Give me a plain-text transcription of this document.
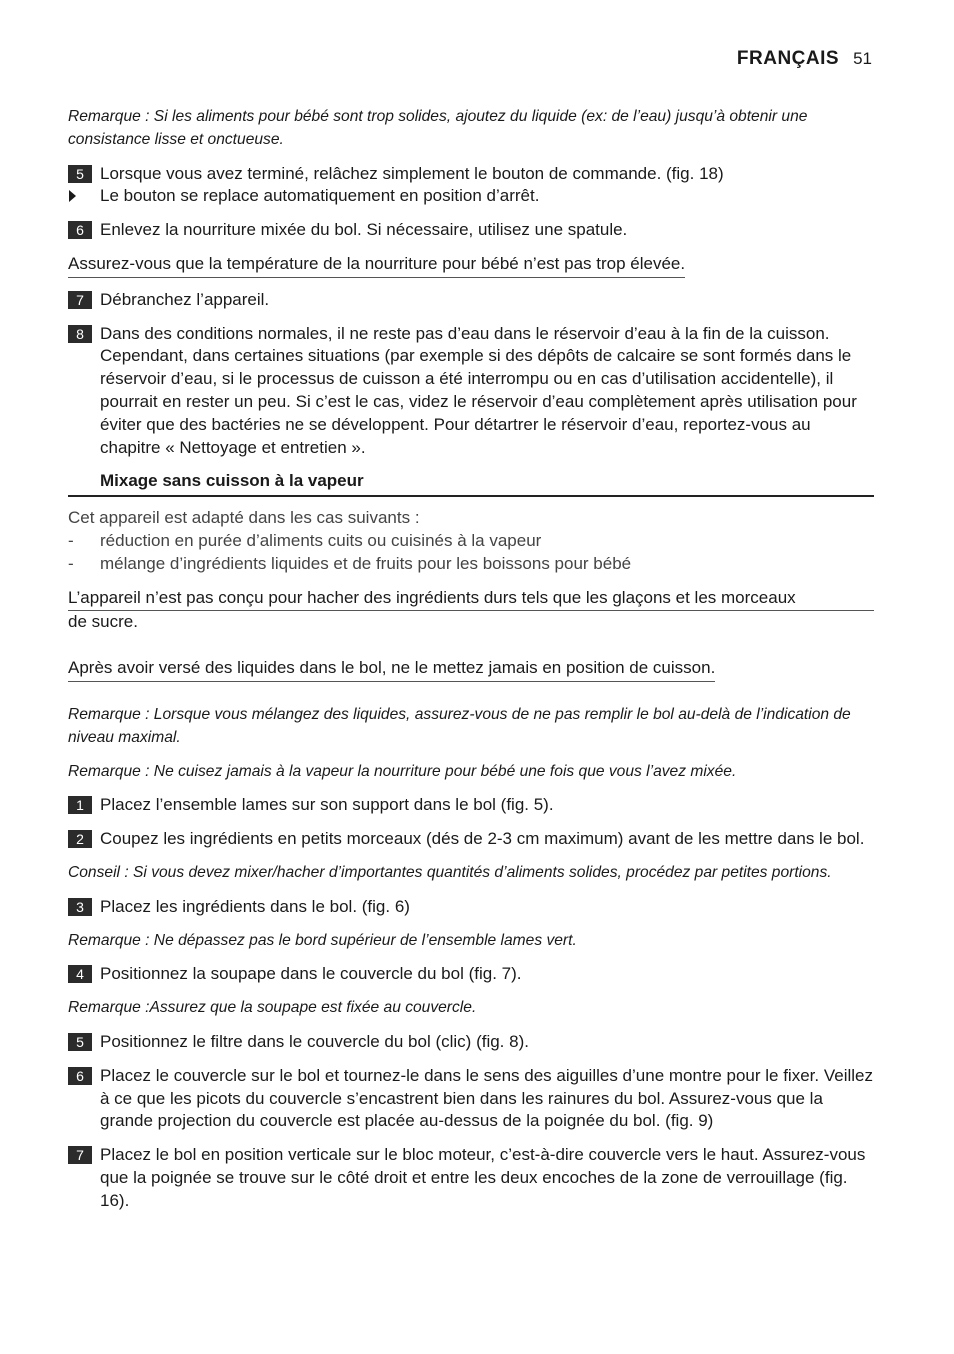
FRANÇAIS 51
Remarque : Si les aliments pour bébé sont trop solides, ajoutez du liquide (ex: de l’eau) jusqu’à obtenir une consistance lisse et onctueuse.
5 Lorsque vous avez terminé, relâchez simplement le bouton de commande. (fig. 18)
Le bouton se replace automatiquement en position d’arrêt.
6 Enlevez la nourriture mixée du bol. Si nécessaire, utilisez une spatule.
Assurez-vous que la température de la nourriture pour bébé n’est pas trop élevée.
7 Débranchez l’appareil.
8 Dans des conditions normales, il ne reste pas d’eau dans le réservoir d’eau à la fin de la cuisson. Cependant, dans certaines situations (par exemple si des dépôts de calcaire se sont formés dans le réservoir d’eau, si le processus de cuisson a été interrompu ou en cas d’utilisation accidentelle), il pourrait en rester un peu. Si c’est le cas, videz le réservoir d’eau complètement après utilisation pour éviter que des bactéries ne se développent. Pour détartrer le réservoir d’eau, reportez-vous au chapitre « Nettoyage et entretien ».
Mixage sans cuisson à la vapeur
Cet appareil est adapté dans les cas suivants :
- réduction en purée d’aliments cuits ou cuisinés à la vapeur
- mélange d’ingrédients liquides et de fruits pour les boissons pour bébé
L’appareil n’est pas conçu pour hacher des ingrédients durs tels que les glaçons et les morceaux
de sucre.
Après avoir versé des liquides dans le bol, ne le mettez jamais en position de cuisson.
Remarque : Lorsque vous mélangez des liquides, assurez-vous de ne pas remplir le bol au-delà de l’indication de niveau maximal.
Remarque : Ne cuisez jamais à la vapeur la nourriture pour bébé une fois que vous l’avez mixée.
1 Placez l’ensemble lames sur son support dans le bol (fig. 5).
2 Coupez les ingrédients en petits morceaux (dés de 2-3 cm maximum) avant de les mettre dans le bol.
Conseil : Si vous devez mixer/hacher d’importantes quantités d’aliments solides, procédez par petites portions.
3 Placez les ingrédients dans le bol. (fig. 6)
Remarque : Ne dépassez pas le bord supérieur de l’ensemble lames vert.
4 Positionnez la soupape dans le couvercle du bol (fig. 7).
Remarque :Assurez que la soupape est fixée au couvercle.
5 Positionnez le filtre dans le couvercle du bol (clic) (fig. 8).
6 Placez le couvercle sur le bol et tournez-le dans le sens des aiguilles d’une montre pour le fixer. Veillez à ce que les picots du couvercle s’encastrent bien dans les rainures du bol. Assurez-vous que la grande projection du couvercle est placée au-dessus de la poignée du bol. (fig. 9)
7 Placez le bol en position verticale sur le bloc moteur, c’est-à-dire couvercle vers le haut. Assurez-vous que la poignée se trouve sur le côté droit et entre les deux encoches de la zone de verrouillage (fig. 16).
